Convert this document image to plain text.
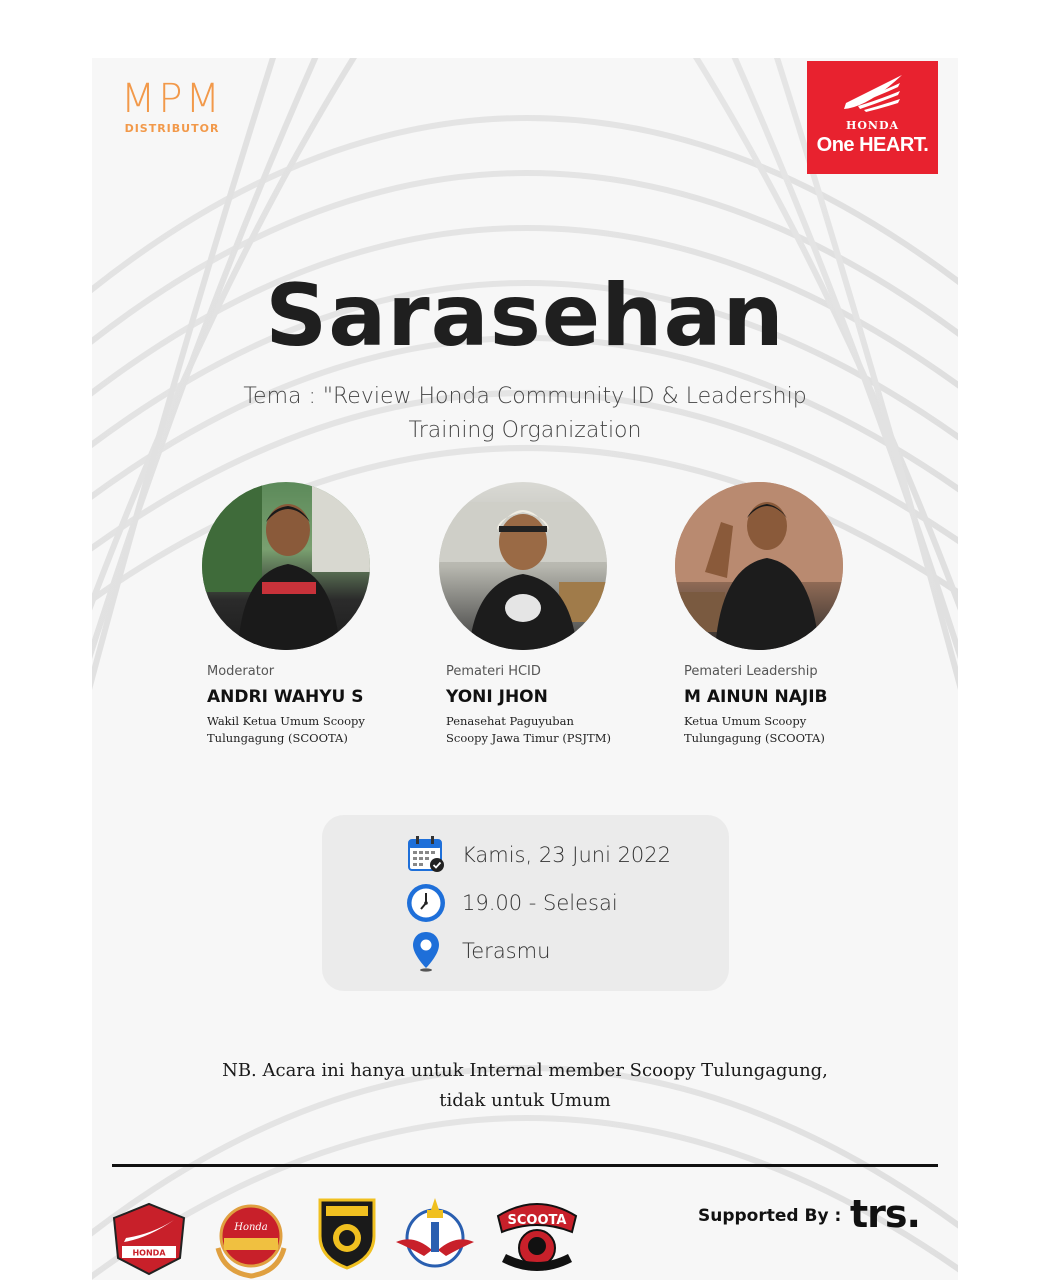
MPM
DISTRIBUTOR	HONDA
One HEART.
Sarasehan
Tema : "Review Honda Community ID & Leadership
Training Organization
Moderator
ANDRI WAHYU S
Wakil Ketua Umum Scoopy
Tulungagung (SCOOTA)
Pemateri HCID
YONI JHON
Penasehat Paguyuban
Scoopy Jawa Timur (PSJTM)
Pemateri Leadership
M AINUN NAJIB
Ketua Umum Scoopy
Tulungagung (SCOOTA)
Kamis, 23 Juni 2022
19.00 - Selesai
Terasmu
NB. Acara ini hanya untuk Internal member Scoopy Tulungagung,
tidak untuk Umum
HONDA
Honda	SCOOTA	Supported By : trs.
